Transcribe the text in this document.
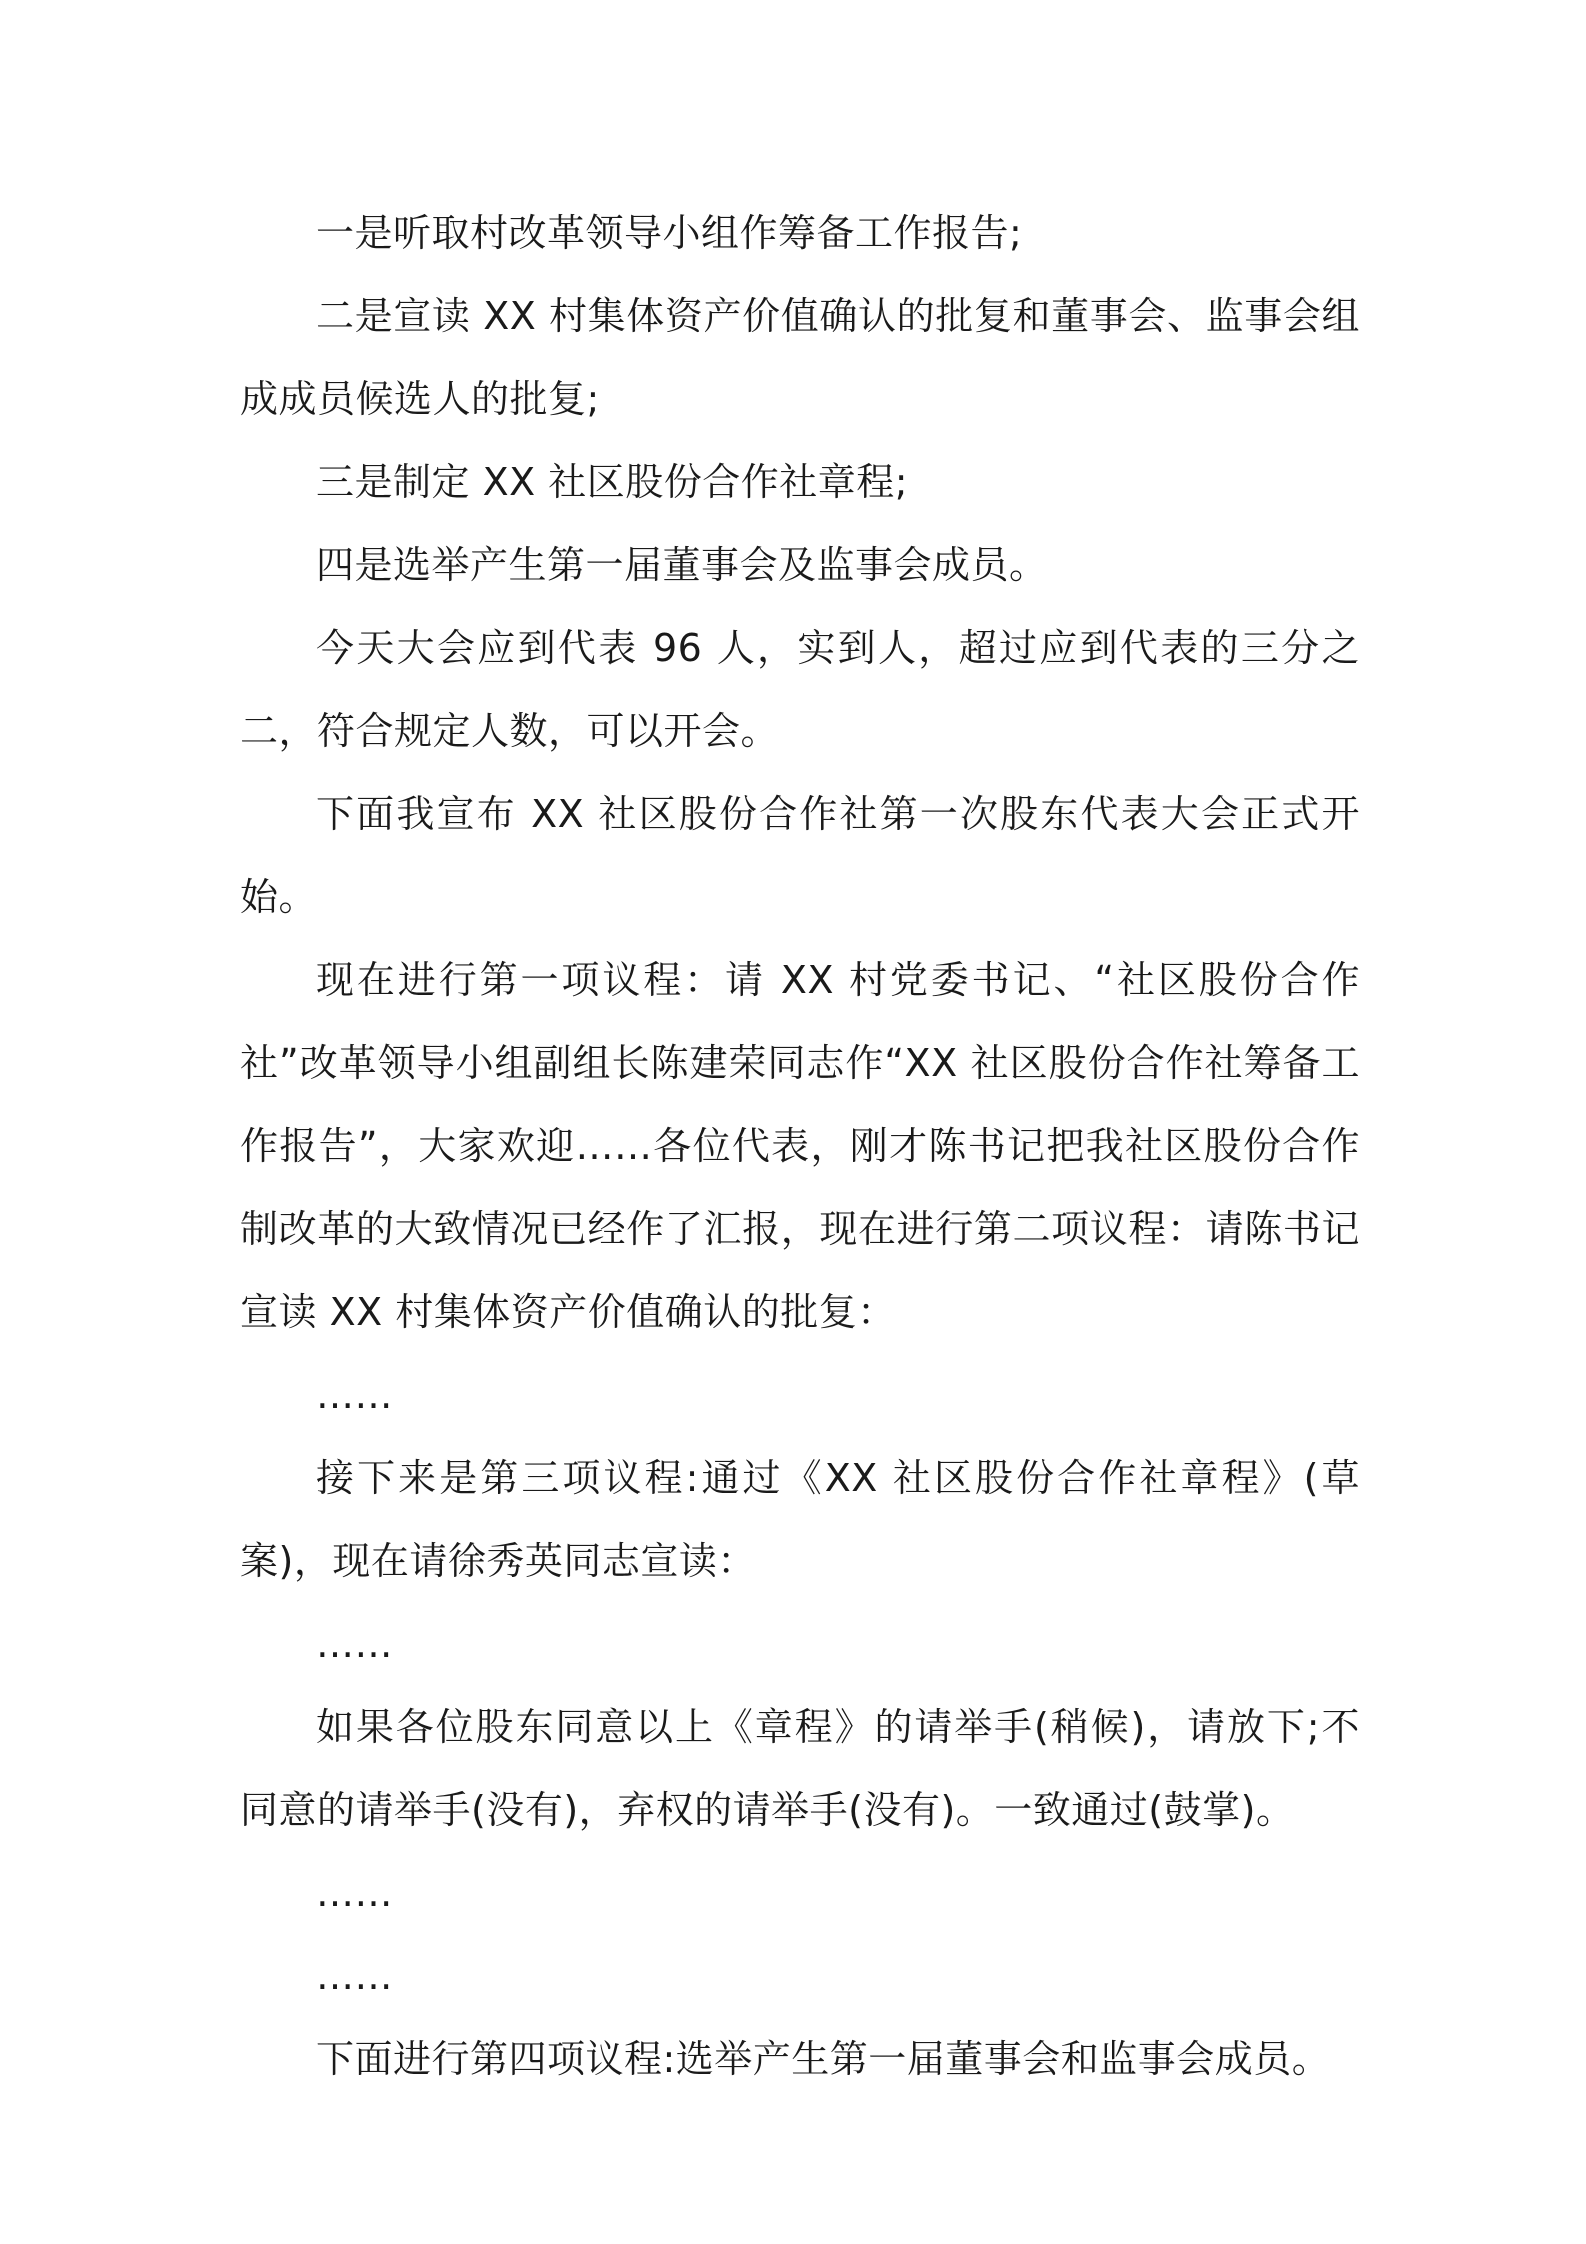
一是听取村改革领导小组作筹备工作报告;

二是宣读 XX 村集体资产价值确认的批复和董事会、监事会组成成员候选人的批复;

三是制定 XX 社区股份合作社章程;

四是选举产生第一届董事会及监事会成员。

今天大会应到代表 96 人，实到人，超过应到代表的三分之二，符合规定人数，可以开会。

下面我宣布 XX 社区股份合作社第一次股东代表大会正式开始。

现在进行第一项议程：请 XX 村党委书记、“社区股份合作社”改革领导小组副组长陈建荣同志作“XX 社区股份合作社筹备工作报告”，大家欢迎……各位代表，刚才陈书记把我社区股份合作制改革的大致情况已经作了汇报，现在进行第二项议程：请陈书记宣读 XX 村集体资产价值确认的批复：

……

接下来是第三项议程:通过《XX 社区股份合作社章程》(草案)，现在请徐秀英同志宣读：

……

如果各位股东同意以上《章程》的请举手(稍候)，请放下;不同意的请举手(没有)，弃权的请举手(没有)。一致通过(鼓掌)。

……

……

下面进行第四项议程:选举产生第一届董事会和监事会成员。
